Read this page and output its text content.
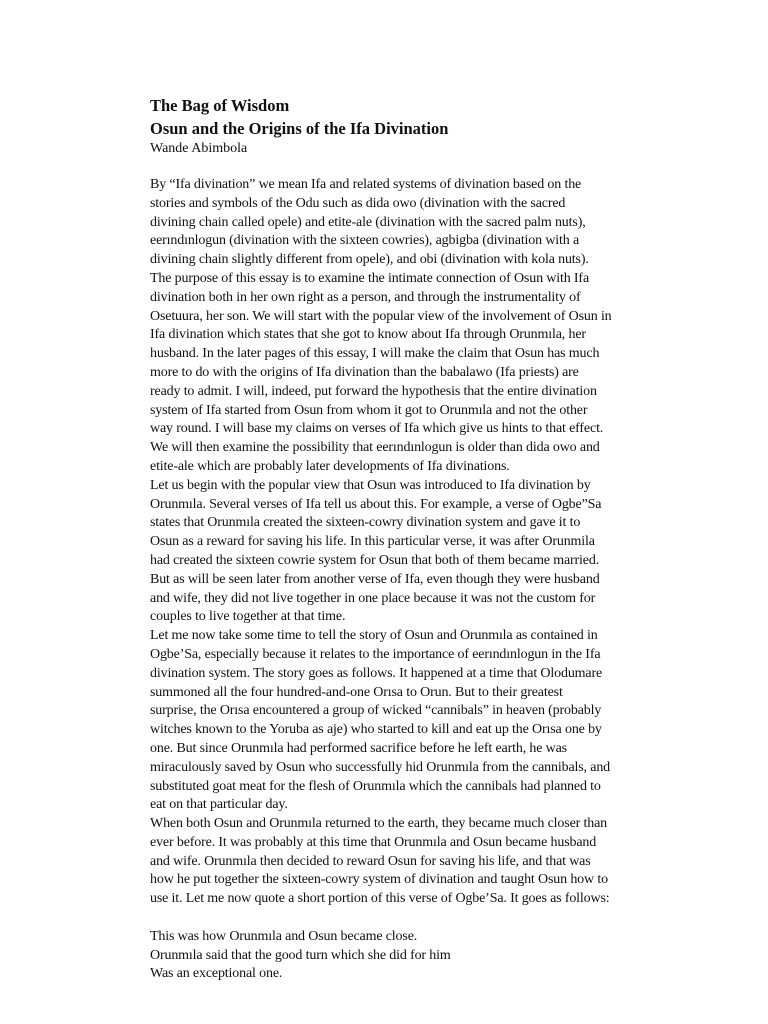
The Bag of Wisdom
Osun and the Origins of the Ifa Divination
Wande Abimbola

By “Ifa divination” we mean Ifa and related systems of divination based on the
stories and symbols of the Odu such as dida owo (divination with the sacred
divining chain called opele) and etite-ale (divination with the sacred palm nuts),
eerındınlogun (divination with the sixteen cowries), agbigba (divination with a
divining chain slightly different from opele), and obi (divination with kola nuts).
The purpose of this essay is to examine the intimate connection of Osun with Ifa
divination both in her own right as a person, and through the instrumentality of
Osetuura, her son. We will start with the popular view of the involvement of Osun in
Ifa divination which states that she got to know about Ifa through Orunmıla, her
husband. In the later pages of this essay, I will make the claim that Osun has much
more to do with the origins of Ifa divination than the babalawo (Ifa priests) are
ready to admit. I will, indeed, put forward the hypothesis that the entire divination
system of Ifa started from Osun from whom it got to Orunmıla and not the other
way round. I will base my claims on verses of Ifa which give us hints to that effect.
We will then examine the possibility that eerındınlogun is older than dida owo and
etite-ale which are probably later developments of Ifa divinations.

Let us begin with the popular view that Osun was introduced to Ifa divination by
Orunmıla. Several verses of Ifa tell us about this. For example, a verse of Ogbe”Sa
states that Orunmıla created the sixteen-cowry divination system and gave it to
Osun as a reward for saving his life. In this particular verse, it was after Orunmila
had created the sixteen cowrie system for Osun that both of them became married.
But as will be seen later from another verse of Ifa, even though they were husband
and wife, they did not live together in one place because it was not the custom for
couples to live together at that time.

Let me now take some time to tell the story of Osun and Orunmıla as contained in
Ogbe’Sa, especially because it relates to the importance of eerındınlogun in the Ifa
divination system. The story goes as follows. It happened at a time that Olodumare
summoned all the four hundred-and-one Orısa to Orun. But to their greatest
surprise, the Orısa encountered a group of wicked “cannibals” in heaven (probably
witches known to the Yoruba as aje) who started to kill and eat up the Orısa one by
one. But since Orunmıla had performed sacrifice before he left earth, he was
miraculously saved by Osun who successfully hid Orunmıla from the cannibals, and
substituted goat meat for the flesh of Orunmıla which the cannibals had planned to
eat on that particular day.

When both Osun and Orunmıla returned to the earth, they became much closer than
ever before. It was probably at this time that Orunmıla and Osun became husband
and wife. Orunmıla then decided to reward Osun for saving his life, and that was
how he put together the sixteen-cowry system of divination and taught Osun how to
use it. Let me now quote a short portion of this verse of Ogbe’Sa. It goes as follows:

This was how Orunmıla and Osun became close.
Orunmıla said that the good turn which she did for him
Was an exceptional one.
